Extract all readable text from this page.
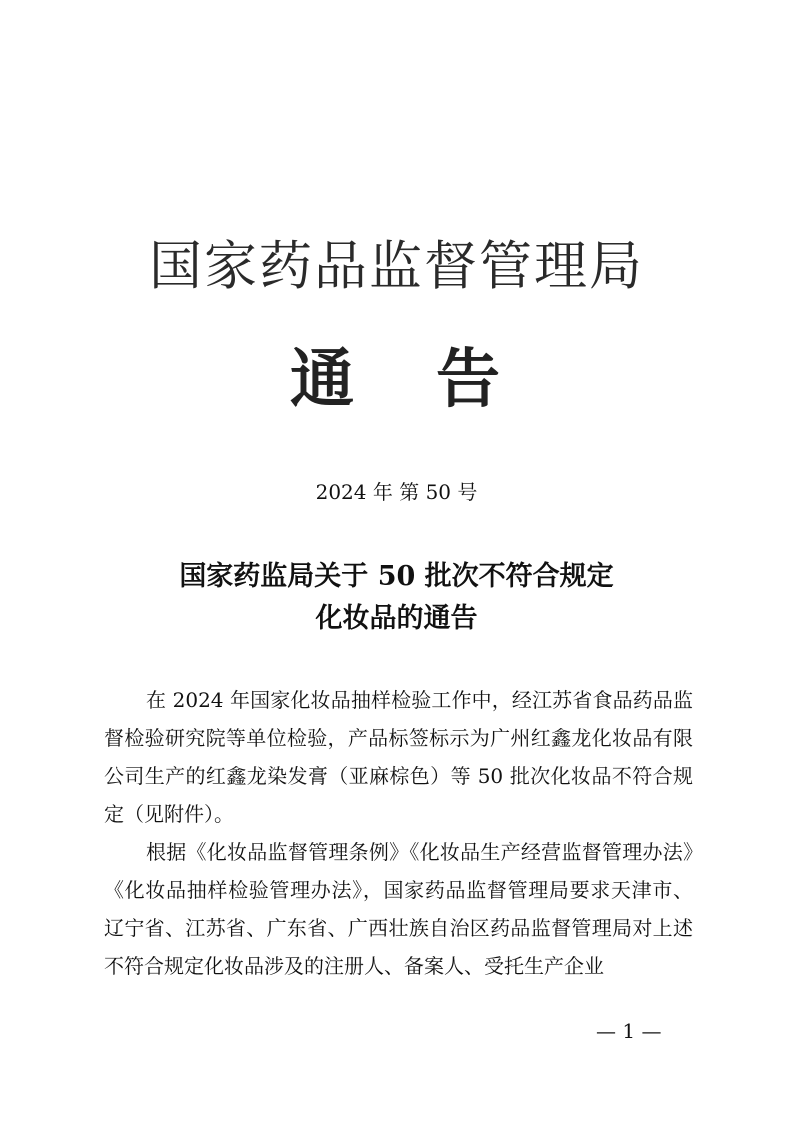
国家药品监督管理局
通 告
2024 年 第 50 号
国家药监局关于 50 批次不符合规定
化妆品的通告

在 2024 年国家化妆品抽样检验工作中，经江苏省食品药品监督检验研究院等单位检验，产品标签标示为广州红鑫龙化妆品有限公司生产的红鑫龙染发膏（亚麻棕色）等 50 批次化妆品不符合规定（见附件）。

根据《化妆品监督管理条例》《化妆品生产经营监督管理办法》《化妆品抽样检验管理办法》，国家药品监督管理局要求天津市、辽宁省、江苏省、广东省、广西壮族自治区药品监督管理局对上述不符合规定化妆品涉及的注册人、备案人、受托生产企业

— 1 —
